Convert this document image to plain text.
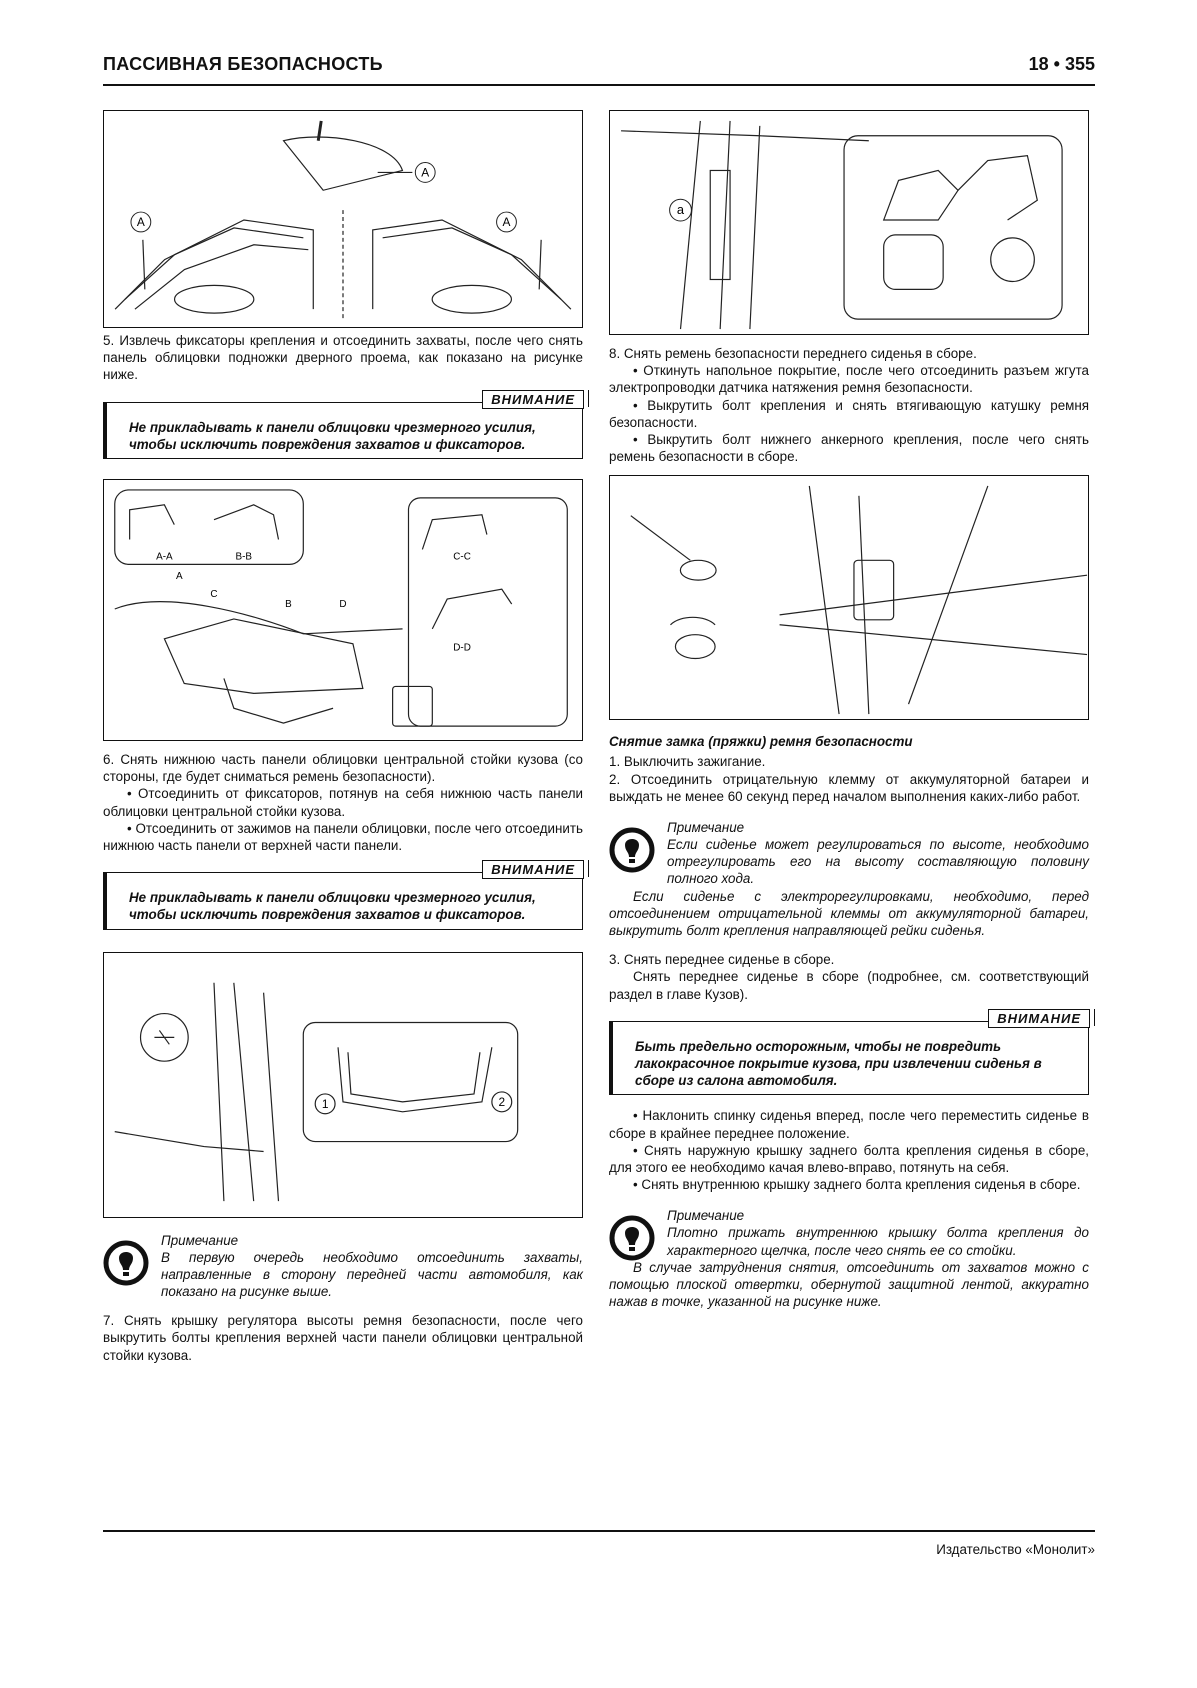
ПАССИВНАЯ БЕЗОПАСНОСТЬ	18 • 355
A
A
A

5. Извлечь фиксаторы крепления и отсоединить захваты, после чего снять панель облицовки подножки дверного проема, как показано на рисунке ниже.

ВНИМАНИЕ
Не прикладывать к панели облицовки чрезмерного усилия, чтобы исключить повреждения захватов и фиксаторов.
A-A	B-B	C-C
D-D
A
B
C
D

6. Снять нижнюю часть панели облицовки центральной стойки кузова (со стороны, где будет сниматься ремень безопасности).

• Отсоединить от фиксаторов, потянув на себя нижнюю часть панели облицовки центральной стойки кузова.

• Отсоединить от зажимов на панели облицовки, после чего отсоединить нижнюю часть панели от верхней части панели.

ВНИМАНИЕ
Не прикладывать к панели облицовки чрезмерного усилия, чтобы исключить повреждения захватов и фиксаторов.
1	2
Примечание
В первую очередь необходимо отсоединить захваты, направленные в сторону передней части автомобиля, как показано на рисунке выше.

7. Снять крышку регулятора высоты ремня безопасности, после чего выкрутить болты крепления верхней части панели облицовки центральной стойки кузова.

a

8. Снять ремень безопасности переднего сиденья в сборе.

• Откинуть напольное покрытие, после чего отсоединить разъем жгута электропроводки датчика натяжения ремня безопасности.

• Выкрутить болт крепления и снять втягивающую катушку ремня безопасности.

• Выкрутить болт нижнего анкерного крепления, после чего снять ремень безопасности в сборе.

Снятие замка (пряжки) ремня безопасности

1. Выключить зажигание.

2. Отсоединить отрицательную клемму от аккумуляторной батареи и выждать не менее 60 секунд перед началом выполнения каких-либо работ.

Примечание
Если сиденье может регулироваться по высоте, необходимо отрегулировать его на высоту составляющую половину полного хода.
Если сиденье с электрорегулировками, необходимо, перед отсоединением отрицательной клеммы от аккумуляторной батареи, выкрутить болт крепления направляющей рейки сиденья.

3. Снять переднее сиденье в сборе.

Снять переднее сиденье в сборе (подробнее, см. соответствующий раздел в главе Кузов).

ВНИМАНИЕ
Быть предельно осторожным, чтобы не повредить лакокрасочное покрытие кузова, при извлечении сиденья в сборе из салона автомобиля.

• Наклонить спинку сиденья вперед, после чего переместить сиденье в сборе в крайнее переднее положение.

• Снять наружную крышку заднего болта крепления сиденья в сборе, для этого ее необходимо качая влево-вправо, потянуть на себя.

• Снять внутреннюю крышку заднего болта крепления сиденья в сборе.

Примечание
Плотно прижать внутреннюю крышку болта крепления до характерного щелчка, после чего снять ее со стойки.
В случае затруднения снятия, отсоединить от захватов можно с помощью плоской отвертки, обернутой защитной лентой, аккуратно нажав в точке, указанной на рисунке ниже.
Издательство «Монолит»
